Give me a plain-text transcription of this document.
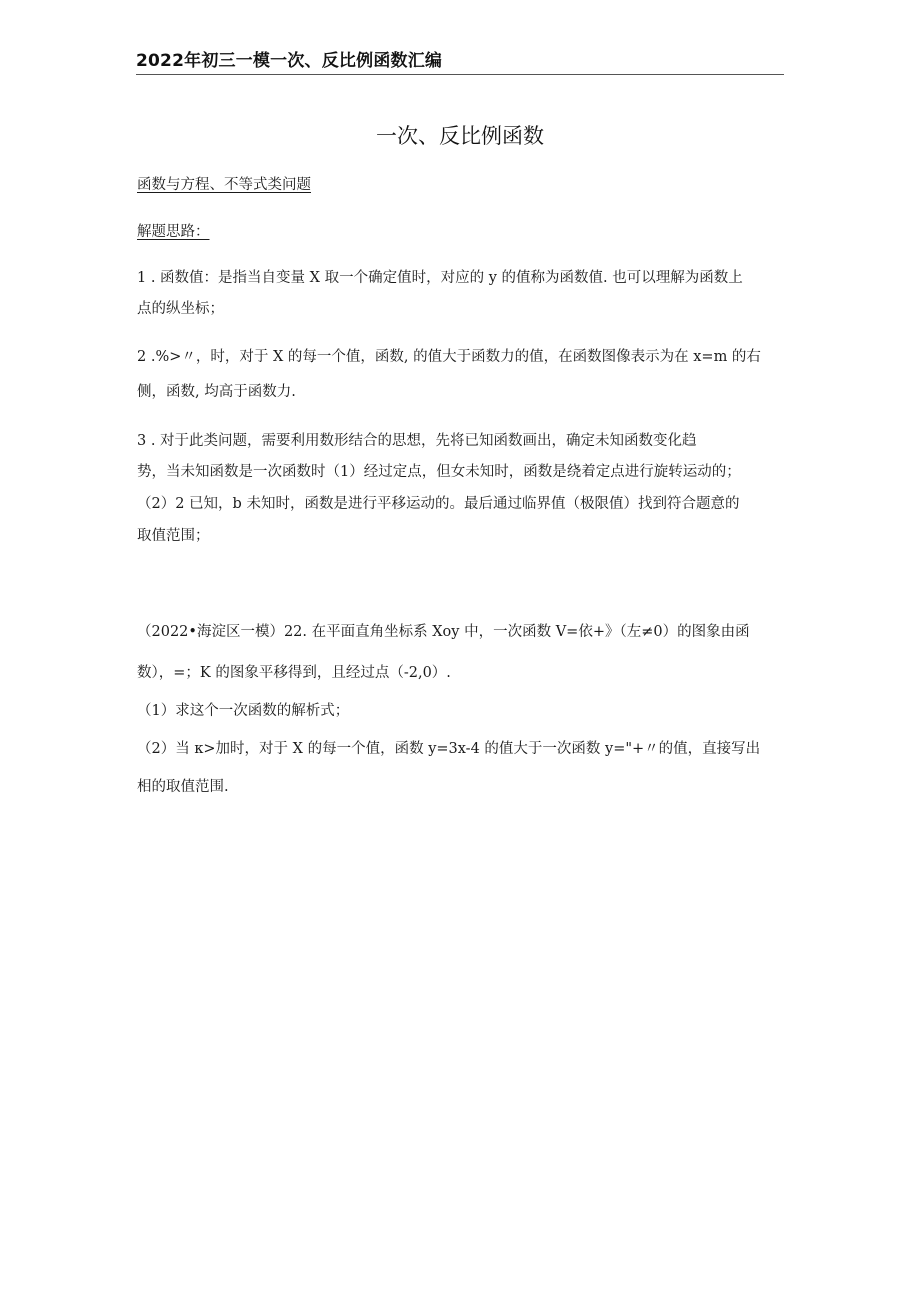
2022年初三一模一次、反比例函数汇编
一次、反比例函数
函数与方程、不等式类问题
解题思路：
1 . 函数值：是指当自变量 X 取一个确定值时，对应的 y 的值称为函数值. 也可以理解为函数上
点的纵坐标；
2 .%>〃，时，对于 X 的每一个值，函数, 的值大于函数力的值，在函数图像表示为在 x=m 的右
侧，函数, 均高于函数力.
3 . 对于此类问题，需要利用数形结合的思想，先将已知函数画出，确定未知函数变化趋
势，当未知函数是一次函数时（1）经过定点，但女未知时，函数是绕着定点进行旋转运动的；
（2）2 已知，b 未知时，函数是进行平移运动的。最后通过临界值（极限值）找到符合题意的
取值范围；
（2022•海淀区一模）22. 在平面直角坐标系 Xoy 中，一次函数 V=依+》（左≠0）的图象由函
数），=；K 的图象平移得到，且经过点（-2,0）.
（1）求这个一次函数的解析式；
（2）当 κ>加时，对于 X 的每一个值，函数 y=3x-4 的值大于一次函数 y="+〃的值，直接写出
相的取值范围.
